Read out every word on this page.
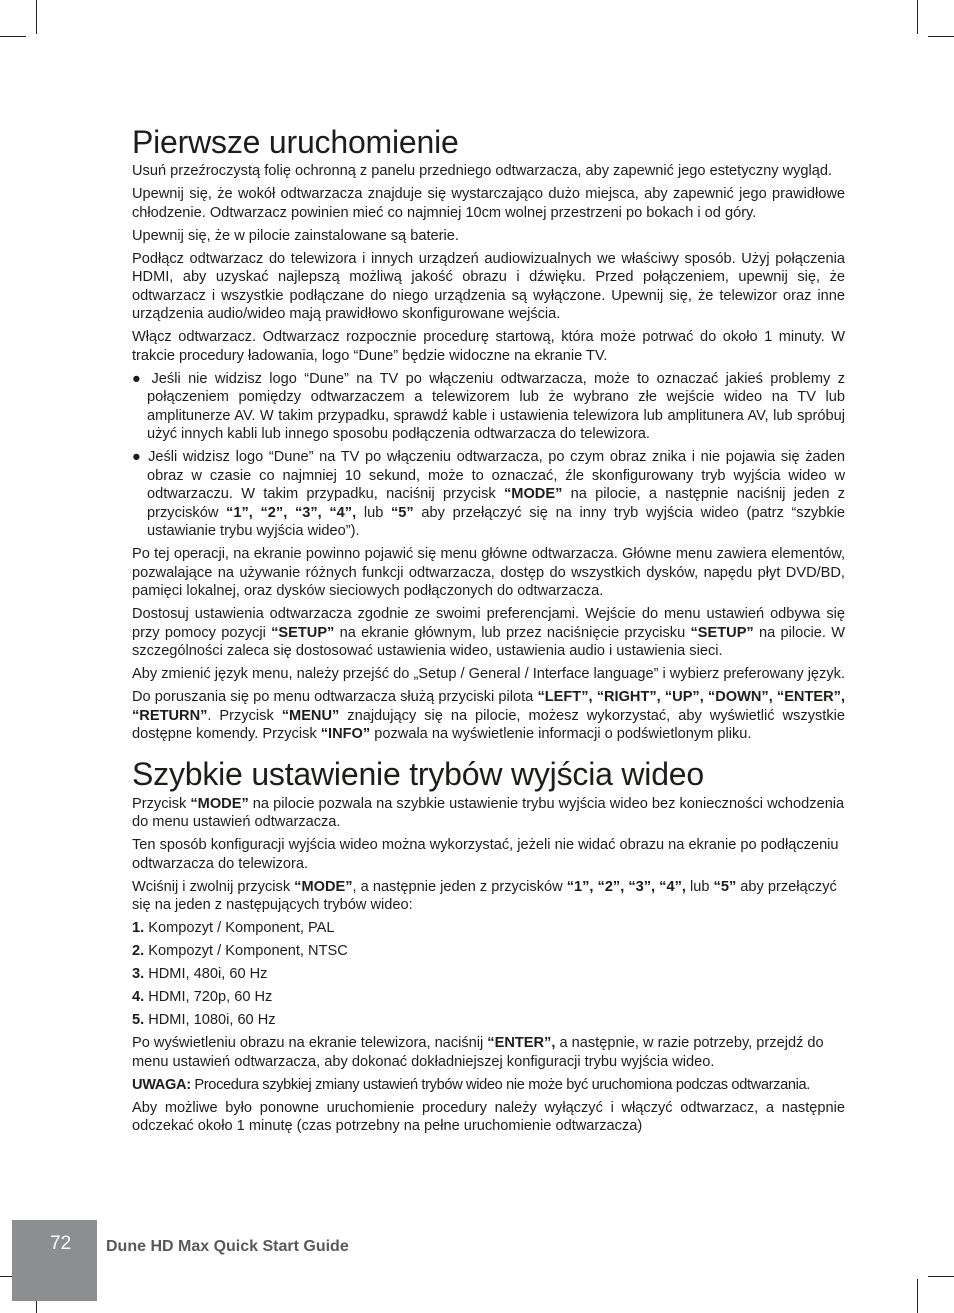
Pierwsze uruchomienie

Usuń przeźroczystą folię ochronną z panelu przedniego odtwarzacza, aby zapewnić jego estetyczny wygląd.

Upewnij się, że wokół odtwarzacza znajduje się wystarczająco dużo miejsca, aby zapewnić jego prawidłowe chłodzenie. Odtwarzacz powinien mieć co najmniej 10cm wolnej przestrzeni po bokach i od góry.

Upewnij się, że w pilocie zainstalowane są baterie.

Podłącz odtwarzacz do telewizora i innych urządzeń audiowizualnych we właściwy sposób. Użyj połączenia HDMI, aby uzyskać najlepszą możliwą jakość obrazu i dźwięku. Przed połączeniem, upewnij się, że odtwarzacz i wszystkie podłączane do niego urządzenia są wyłączone. Upewnij się, że telewizor oraz inne urządzenia audio/wideo mają prawidłowo skonfigurowane wejścia.

Włącz odtwarzacz. Odtwarzacz rozpocznie procedurę startową, która może potrwać do około 1 minuty. W trakcie procedury ładowania, logo “Dune” będzie widoczne na ekranie TV.

● Jeśli nie widzisz logo “Dune” na TV po włączeniu odtwarzacza, może to oznaczać jakieś problemy z połączeniem pomiędzy odtwarzaczem a telewizorem lub że wybrano złe wejście wideo na TV lub amplitunerze AV. W takim przypadku, sprawdź kable i ustawienia telewizora lub amplitunera AV, lub spróbuj użyć innych kabli lub innego sposobu podłączenia odtwarzacza do telewizora.

● Jeśli widzisz logo “Dune” na TV po włączeniu odtwarzacza, po czym obraz znika i nie pojawia się żaden obraz w czasie co najmniej 10 sekund, może to oznaczać, źle skonfigurowany tryb wyjścia wideo w odtwarzaczu. W takim przypadku, naciśnij przycisk “MODE” na pilocie, a następnie naciśnij jeden z przycisków “1”, “2”, “3”, “4”, lub “5” aby przełączyć się na inny tryb wyjścia wideo (patrz “szybkie ustawianie trybu wyjścia wideo”).

Po tej operacji, na ekranie powinno pojawić się menu główne odtwarzacza. Główne menu zawiera elementów, pozwalające na używanie różnych funkcji odtwarzacza, dostęp do wszystkich dysków, napędu płyt DVD/BD, pamięci lokalnej, oraz dysków sieciowych podłączonych do odtwarzacza.

Dostosuj ustawienia odtwarzacza zgodnie ze swoimi preferencjami. Wejście do menu ustawień odbywa się przy pomocy pozycji “SETUP” na ekranie głównym, lub przez naciśnięcie przycisku “SETUP” na pilocie. W szczególności zaleca się dostosować ustawienia wideo, ustawienia audio i ustawienia sieci.

Aby zmienić język menu, należy przejść do „Setup / General / Interface language” i wybierz preferowany język.

Do poruszania się po menu odtwarzacza służą przyciski pilota “LEFT”, “RIGHT”, “UP”, “DOWN”, “ENTER”, “RETURN”. Przycisk “MENU” znajdujący się na pilocie, możesz wykorzystać, aby wyświetlić wszystkie dostępne komendy. Przycisk “INFO” pozwala na wyświetlenie informacji o podświetlonym pliku.

Szybkie ustawienie trybów wyjścia wideo

Przycisk “MODE” na pilocie pozwala na szybkie ustawienie trybu wyjścia wideo bez konieczności wchodzenia do menu ustawień odtwarzacza.

Ten sposób konfiguracji wyjścia wideo można wykorzystać, jeżeli nie widać obrazu na ekranie po podłączeniu odtwarzacza do telewizora.

Wciśnij i zwolnij przycisk “MODE”, a następnie jeden z przycisków “1”, “2”, “3”, “4”, lub “5” aby przełączyć się na jeden z następujących trybów wideo:

1. Kompozyt / Komponent, PAL

2. Kompozyt / Komponent, NTSC

3. HDMI, 480i, 60 Hz

4. HDMI, 720p, 60 Hz

5. HDMI, 1080i, 60 Hz

Po wyświetleniu obrazu na ekranie telewizora, naciśnij “ENTER”, a następnie, w razie potrzeby, przejdź do menu ustawień odtwarzacza, aby dokonać dokładniejszej konfiguracji trybu wyjścia wideo.

UWAGA: Procedura szybkiej zmiany ustawień trybów wideo nie może być uruchomiona podczas odtwarzania.

Aby możliwe było ponowne uruchomienie procedury należy wyłączyć i włączyć odtwarzacz, a następnie odczekać około 1 minutę (czas potrzebny na pełne uruchomienie odtwarzacza)

72 Dune HD Max Quick Start Guide
